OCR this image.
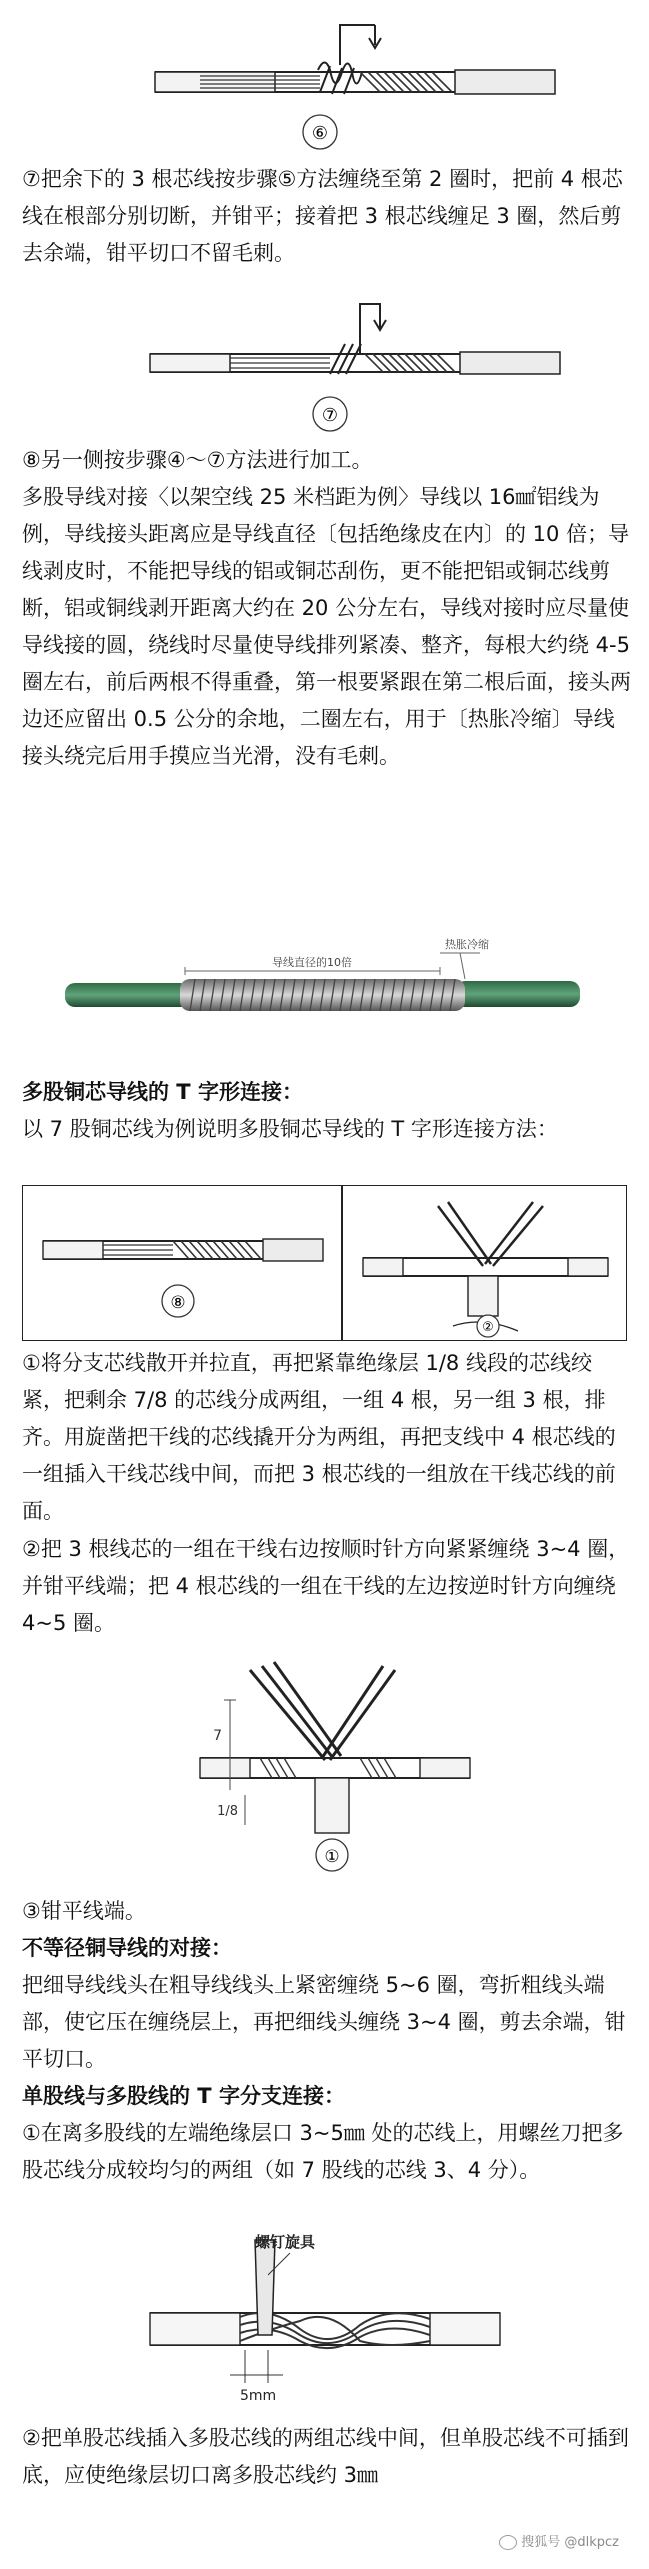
⑥

⑦把余下的 3 根芯线按步骤⑤方法缠绕至第 2 圈时，把前 4 根芯线在根部分别切断，并钳平；接着把 3 根芯线缠足 3 圈，然后剪去余端，钳平切口不留毛刺。

⑦

⑧另一侧按步骤④～⑦方法进行加工。

多股导线对接〈以架空线 25 米档距为例〉导线以 16㎟铝线为例，导线接头距离应是导线直径〔包括绝缘皮在内〕的 10 倍；导线剥皮时，不能把导线的铝或铜芯刮伤，更不能把铝或铜芯线剪断，铝或铜线剥开距离大约在 20 公分左右，导线对接时应尽量使导线接的圆，绕线时尽量使导线排列紧凑、整齐，每根大约绕 4-5 圈左右，前后两根不得重叠，第一根要紧跟在第二根后面，接头两边还应留出 0.5 公分的余地，二圈左右，用于〔热胀冷缩〕导线接头绕完后用手摸应当光滑，没有毛刺。

导线直径的10倍
热胀冷缩

多股铜芯导线的 T 字形连接：

以 7 股铜芯线为例说明多股铜芯导线的 T 字形连接方法：

⑧
②

①将分支芯线散开并拉直，再把紧靠绝缘层 1/8 线段的芯线绞紧，把剩余 7/8 的芯线分成两组，一组 4 根，另一组 3 根，排齐。用旋凿把干线的芯线撬开分为两组，再把支线中 4 根芯线的一组插入干线芯线中间，而把 3 根芯线的一组放在干线芯线的前面。

②把 3 根线芯的一组在干线右边按顺时针方向紧紧缠绕 3~4 圈，并钳平线端；把 4 根芯线的一组在干线的左边按逆时针方向缠绕 4~5 圈。

7
1/8
①

③钳平线端。

不等径铜导线的对接：

把细导线线头在粗导线线头上紧密缠绕 5~6 圈，弯折粗线头端部，使它压在缠绕层上，再把细线头缠绕 3~4 圈，剪去余端，钳平切口。

单股线与多股线的 T 字分支连接：

①在离多股线的左端绝缘层口 3~5㎜ 处的芯线上，用螺丝刀把多股芯线分成较均匀的两组（如 7 股线的芯线 3、4 分）。

螺钉旋具
5mm

②把单股芯线插入多股芯线的两组芯线中间，但单股芯线不可插到底，应使绝缘层切口离多股芯线约 3㎜

搜狐号 @dlkpcz
